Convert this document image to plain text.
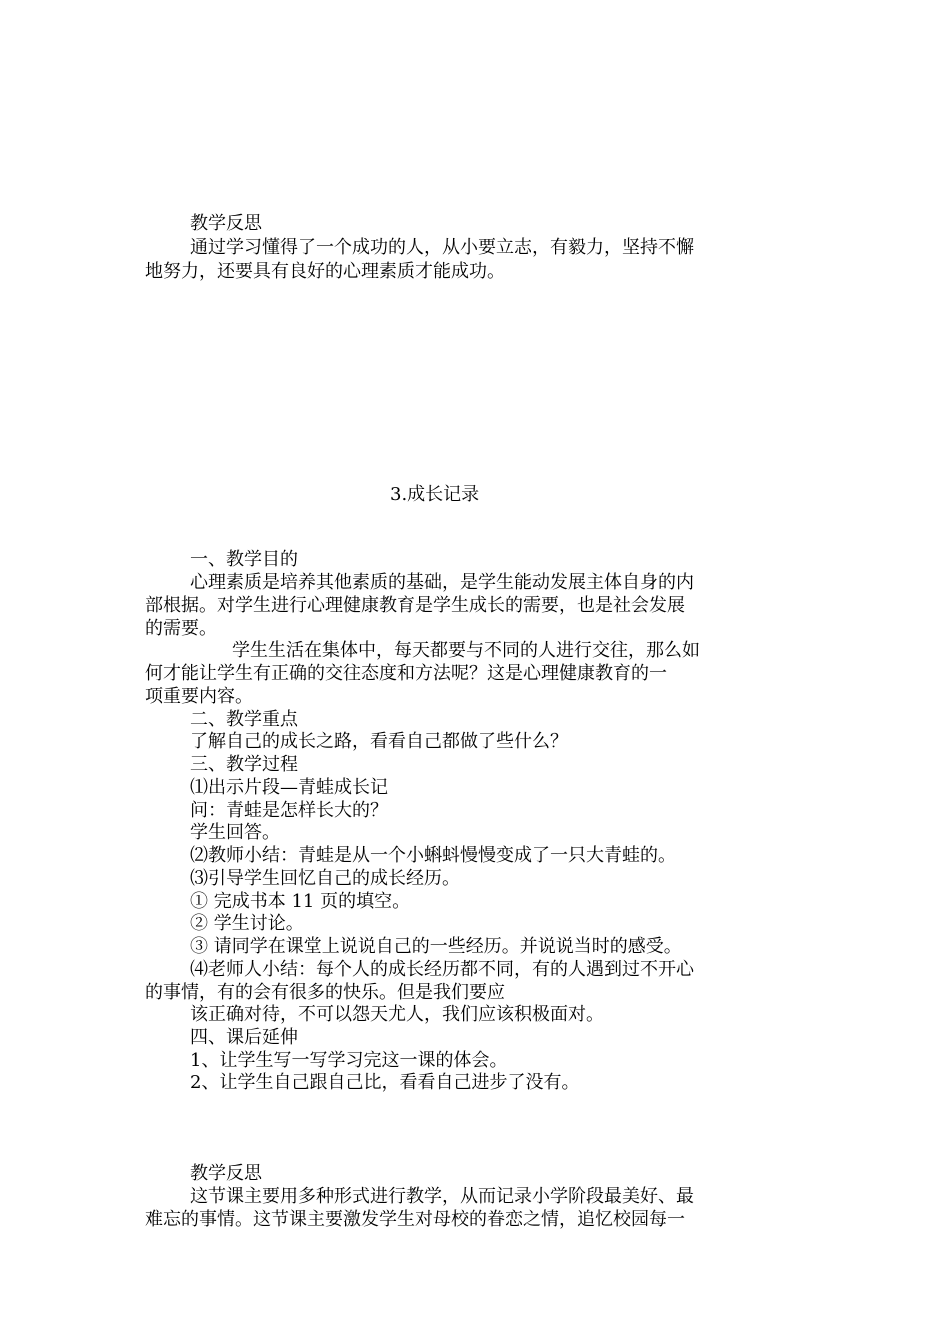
教学反思
通过学习懂得了一个成功的人，从小要立志，有毅力，坚持不懈
地努力，还要具有良好的心理素质才能成功。
3.成长记录
一、教学目的
心理素质是培养其他素质的基础，是学生能动发展主体自身的内
部根据。对学生进行心理健康教育是学生成长的需要，也是社会发展
的需要。
学生生活在集体中，每天都要与不同的人进行交往，那么如
何才能让学生有正确的交往态度和方法呢？这是心理健康教育的一
项重要内容。
二、教学重点
了解自己的成长之路，看看自己都做了些什么？
三、教学过程
⑴出示片段—青蛙成长记
问：青蛙是怎样长大的？
学生回答。
⑵教师小结：青蛙是从一个小蝌蚪慢慢变成了一只大青蛙的。
⑶引导学生回忆自己的成长经历。
① 完成书本 11 页的填空。
② 学生讨论。
③ 请同学在课堂上说说自己的一些经历。并说说当时的感受。
⑷老师人小结：每个人的成长经历都不同，有的人遇到过不开心
的事情，有的会有很多的快乐。但是我们要应
该正确对待，不可以怨天尤人，我们应该积极面对。
四、课后延伸
1、让学生写一写学习完这一课的体会。
2、让学生自己跟自己比，看看自己进步了没有。
教学反思
这节课主要用多种形式进行教学，从而记录小学阶段最美好、最
难忘的事情。这节课主要激发学生对母校的眷恋之情，追忆校园每一
